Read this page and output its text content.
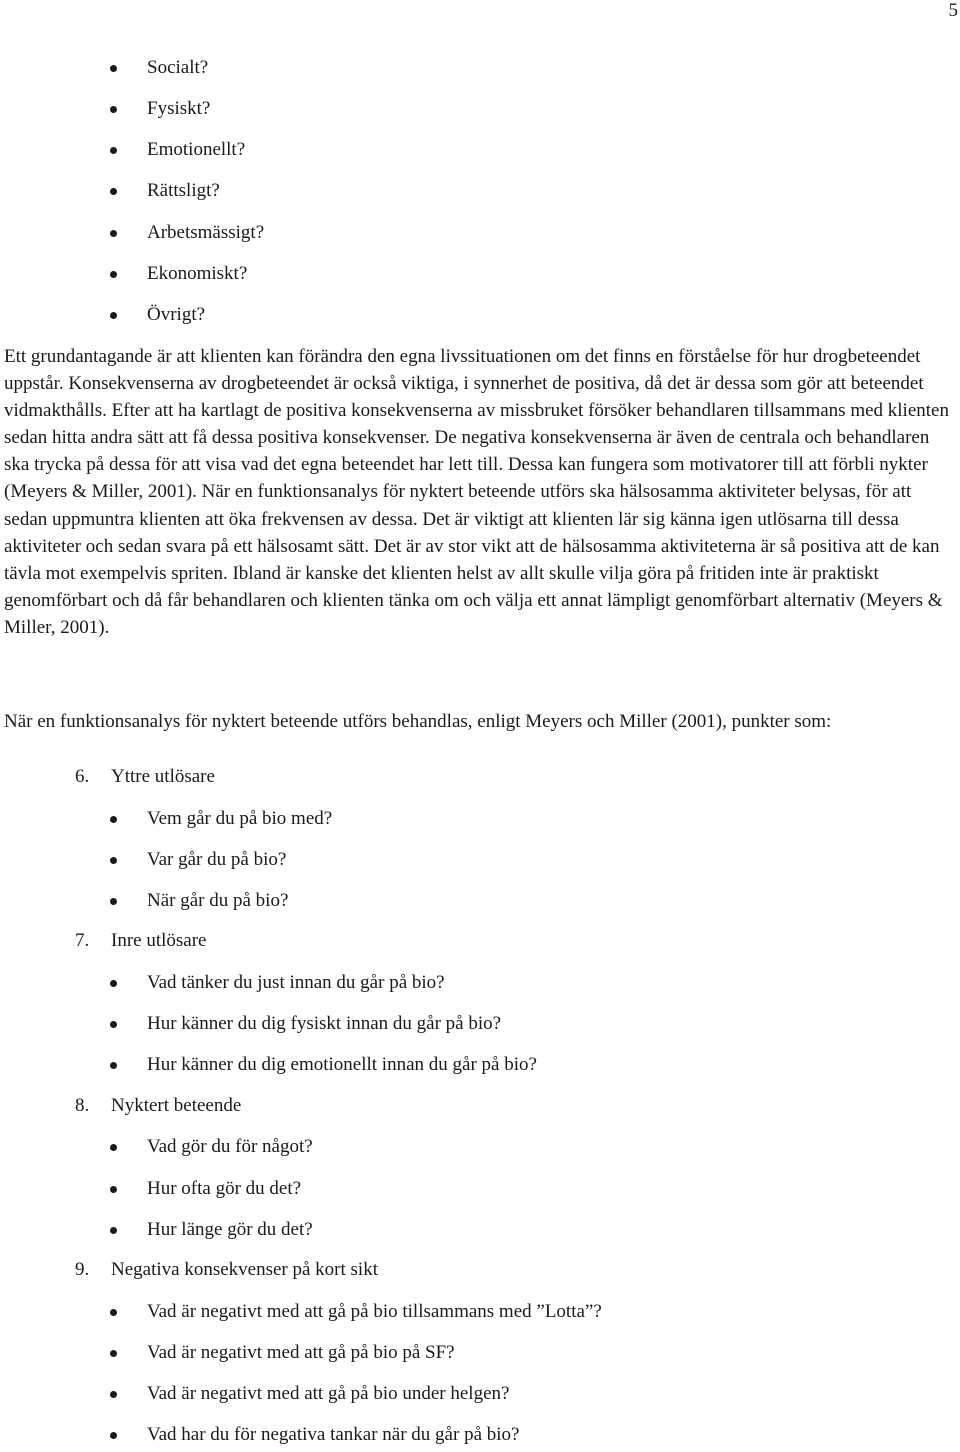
5
Socialt?
Fysiskt?
Emotionellt?
Rättsligt?
Arbetsmässigt?
Ekonomiskt?
Övrigt?

Ett grundantagande är att klienten kan förändra den egna livssituationen om det finns en förståelse för hur drogbeteendet uppstår. Konsekvenserna av drogbeteendet är också viktiga, i synnerhet de positiva, då det är dessa som gör att beteendet vidmakthålls. Efter att ha kartlagt de positiva konsekvenserna av missbruket försöker behandlaren tillsammans med klienten sedan hitta andra sätt att få dessa positiva konsekvenser. De negativa konsekvenserna är även de centrala och behandlaren ska trycka på dessa för att visa vad det egna beteendet har lett till. Dessa kan fungera som motivatorer till att förbli nykter (Meyers & Miller, 2001). När en funktionsanalys för nyktert beteende utförs ska hälsosamma aktiviteter belysas, för att sedan uppmuntra klienten att öka frekvensen av dessa. Det är viktigt att klienten lär sig känna igen utlösarna till dessa aktiviteter och sedan svara på ett hälsosamt sätt. Det är av stor vikt att de hälsosamma aktiviteterna är så positiva att de kan tävla mot exempelvis spriten. Ibland är kanske det klienten helst av allt skulle vilja göra på fritiden inte är praktiskt genomförbart och då får behandlaren och klienten tänka om och välja ett annat lämpligt genomförbart alternativ (Meyers & Miller, 2001).

När en funktionsanalys för nyktert beteende utförs behandlas, enligt Meyers och Miller (2001), punkter som:

6. Yttre utlösare
Vem går du på bio med?
Var går du på bio?
När går du på bio?
7. Inre utlösare
Vad tänker du just innan du går på bio?
Hur känner du dig fysiskt innan du går på bio?
Hur känner du dig emotionellt innan du går på bio?
8. Nyktert beteende
Vad gör du för något?
Hur ofta gör du det?
Hur länge gör du det?
9. Negativa konsekvenser på kort sikt
Vad är negativt med att gå på bio tillsammans med ”Lotta”?
Vad är negativt med att gå på bio på SF?
Vad är negativt med att gå på bio under helgen?
Vad har du för negativa tankar när du går på bio?
